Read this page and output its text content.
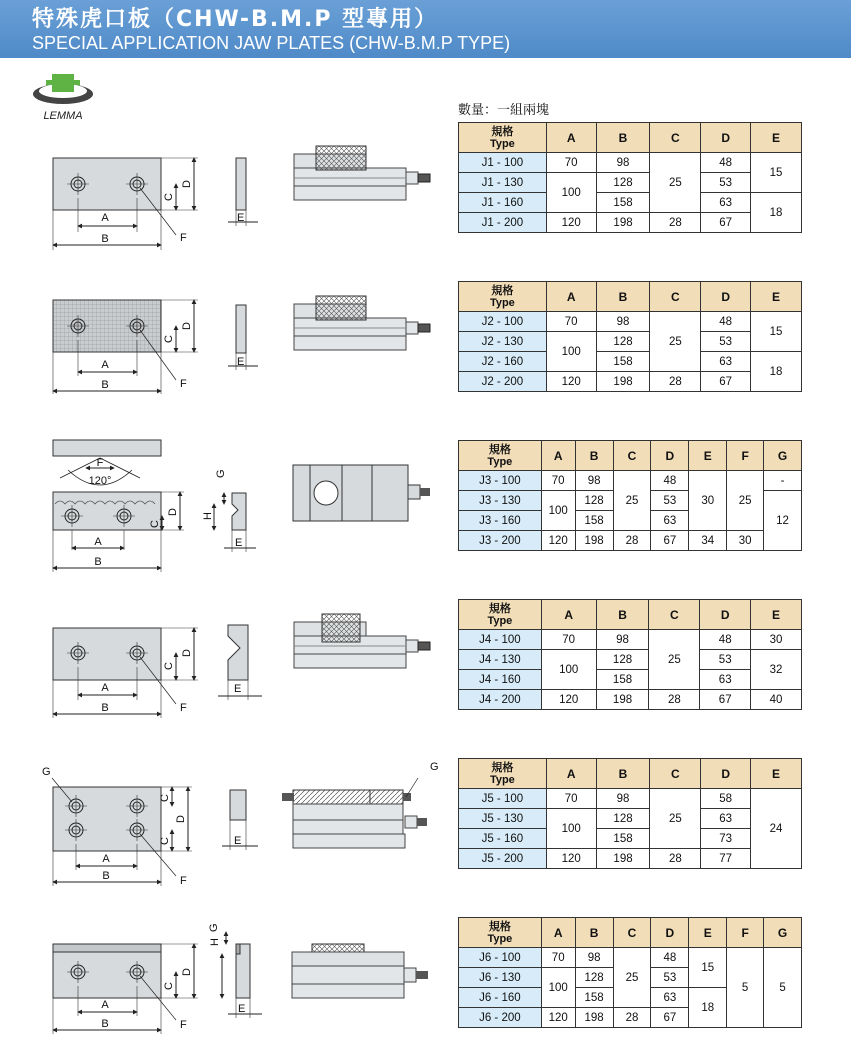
特殊虎口板（CHW-B.M.P 型專用）
SPECIAL APPLICATION JAW PLATES (CHW-B.M.P TYPE)
LEMMA	數量：一組兩塊
A
B
C
D
F
E
A
B
C
D
F
E
F
120°
A
B
C
D
G
H
E
A
B
C
D
F
E
A
B
C
C
D
G
F
E
G
A
B
C
D
F
G
H
E
規格
Type	A	B	C	D	E
J1 - 100	70	98	25	48	15
J1 - 130	100	128		53	
J1 - 160		158		63	18
J1 - 200	120	198	28	67	
規格
Type	A	B	C	D	E
J2 - 100	70	98	25	48	15
J2 - 130	100	128		53	
J2 - 160		158		63	18
J2 - 200	120	198	28	67	
規格
Type	A	B	C	D	E	F	G
J3 - 100	70	98	25	48	30	25	-
J3 - 130	100	128		53			12
J3 - 160		158		63			
J3 - 200	120	198	28	67	34	30	
規格
Type	A	B	C	D	E
J4 - 100	70	98	25	48	30
J4 - 130	100	128		53	32
J4 - 160		158		63	
J4 - 200	120	198	28	67	40
規格
Type	A	B	C	D	E
J5 - 100	70	98	25	58	24
J5 - 130	100	128		63	
J5 - 160		158		73	
J5 - 200	120	198	28	77	
規格
Type	A	B	C	D	E	F	G
J6 - 100	70	98	25	48	15	5	5
J6 - 130	100	128		53			
J6 - 160		158		63	18		
J6 - 200	120	198	28	67			
